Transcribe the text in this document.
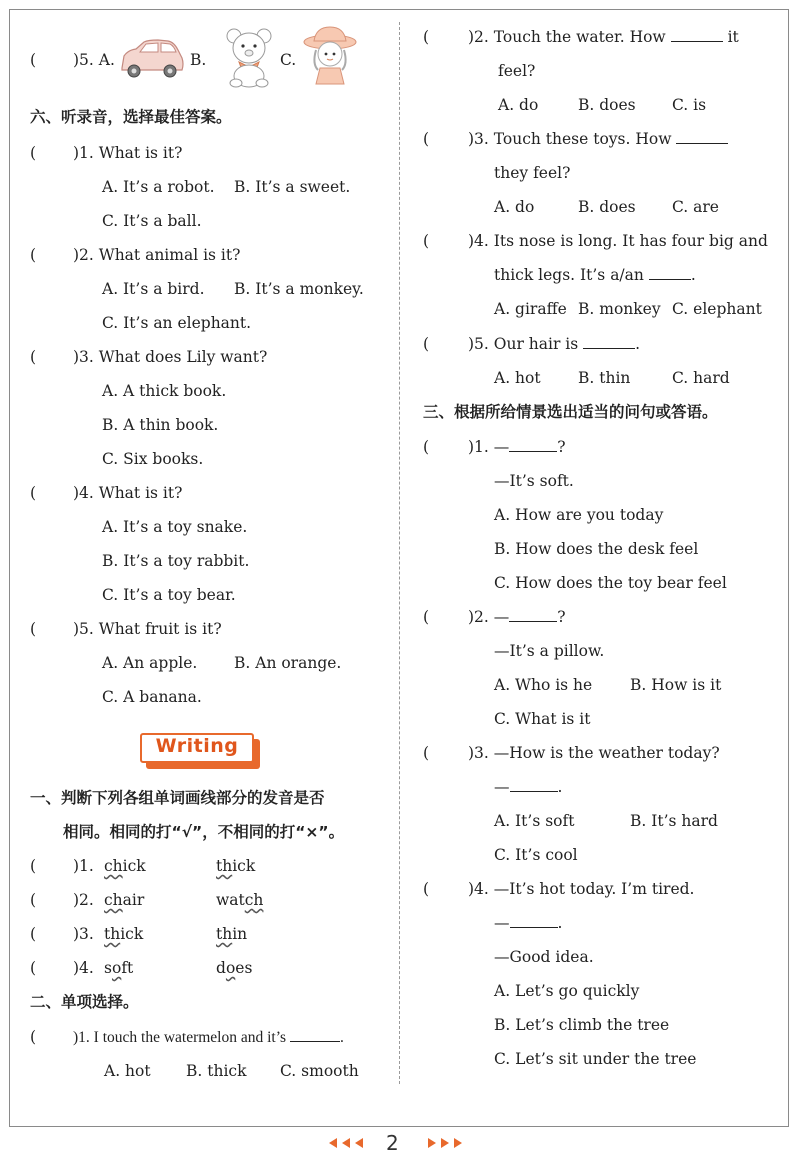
( )5. A.	B.	C.
六、听录音，选择最佳答案。
( )1. What is it?
A. It’s a robot. B. It’s a sweet.
C. It’s a ball.
( )2. What animal is it?
A. It’s a bird. B. It’s a monkey.
C. It’s an elephant.
( )3. What does Lily want?
A. A thick book.
B. A thin book.
C. Six books.
( )4. What is it?
A. It’s a toy snake.
B. It’s a toy rabbit.
C. It’s a toy bear.
( )5. What fruit is it?
A. An apple. B. An orange.
C. A banana.
Writing
一、判断下列各组单词画线部分的发音是否
相同。相同的打“√”，不相同的打“×”。
( )1. chick	thick
( )2. chair	watch
( )3. thick	thin
( )4. soft	does
二、单项选择。
( )1. I touch the watermelon and it’s	.
A. hot B. thick C. smooth
(	)2. Touch the water. How	it
feel?
A. do	B. does C. is
(	)3. Touch these toys. How
they feel?
A. do	B. does C. are
(	)4. Its nose is long. It has four big and
thick legs. It’s a/an	.
A. giraffe B. monkey C. elephant
(	)5. Our hair is	.
A. hot B. thin	C. hard
三、根据所给情景选出适当的问句或答语。
(	)1. —	?
—It’s soft.
A. How are you today
B. How does the desk feel
C. How does the toy bear feel
(	)2. —	?
—It’s a pillow.
A. Who is he B. How is it
C. What is it
(	)3. —How is the weather today?
—	.
A. It’s soft	B. It’s hard
C. It’s cool
(	)4. —It’s hot today. I’m tired.
—	.
—Good idea.
A. Let’s go quickly
B. Let’s climb the tree
C. Let’s sit under the tree
2
